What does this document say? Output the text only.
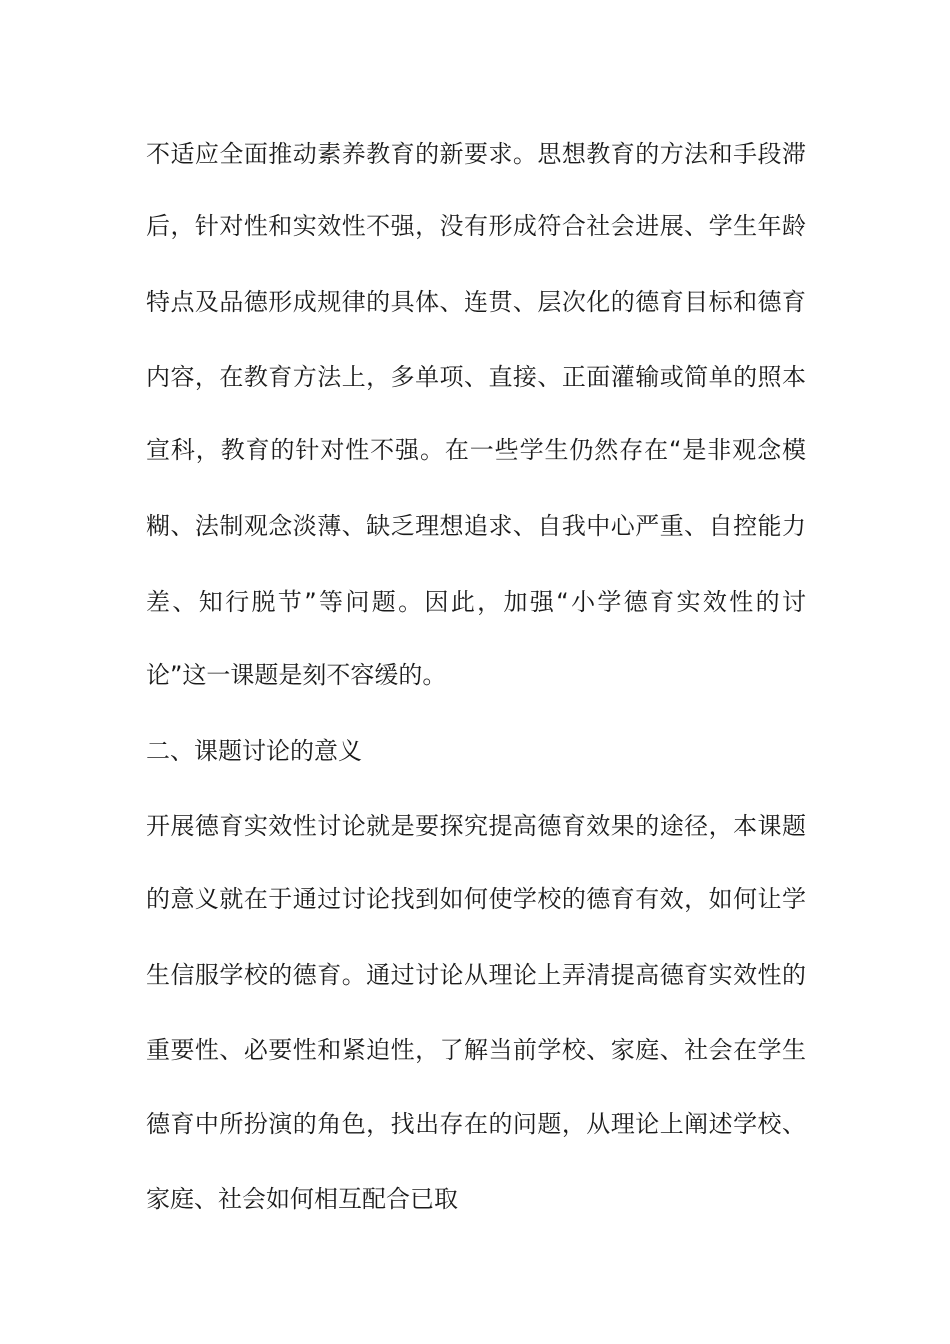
不适应全面推动素养教育的新要求。思想教育的方法和手段滞
后，针对性和实效性不强，没有形成符合社会进展、学生年龄
特点及品德形成规律的具体、连贯、层次化的德育目标和德育
内容，在教育方法上，多单项、直接、正面灌输或简单的照本
宣科，教育的针对性不强。在一些学生仍然存在“是非观念模
糊、法制观念淡薄、缺乏理想追求、自我中心严重、自控能力
差、知行脱节”等问题。因此，加强“小学德育实效性的讨
论”这一课题是刻不容缓的。
二、课题讨论的意义
开展德育实效性讨论就是要探究提高德育效果的途径，本课题
的意义就在于通过讨论找到如何使学校的德育有效，如何让学
生信服学校的德育。通过讨论从理论上弄清提高德育实效性的
重要性、必要性和紧迫性，了解当前学校、家庭、社会在学生
德育中所扮演的角色，找出存在的问题，从理论上阐述学校、
家庭、社会如何相互配合已取
